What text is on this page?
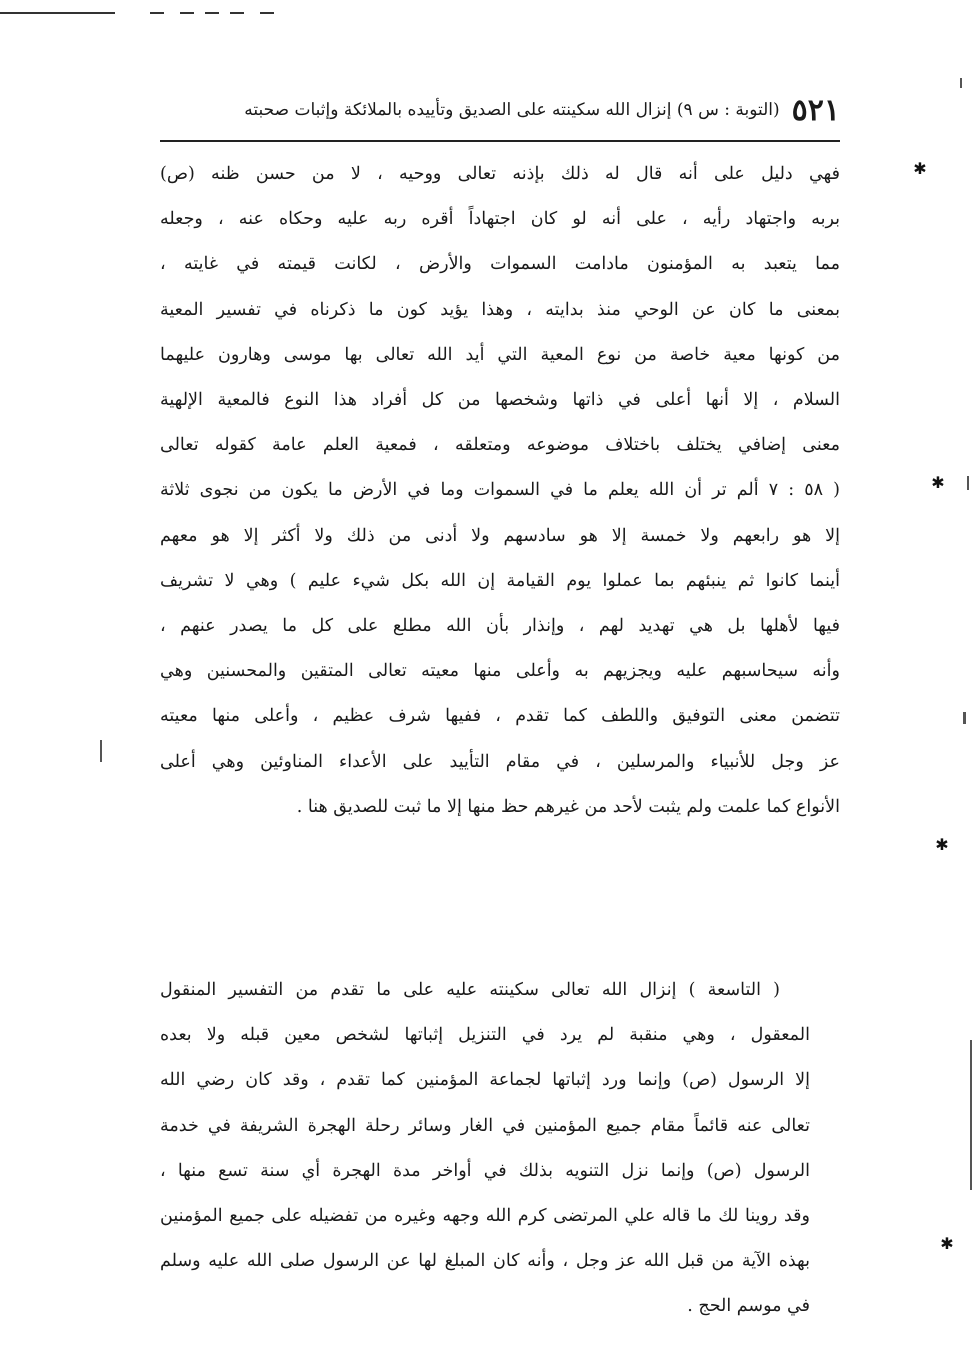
٥٢١
(التوبة : س ٩) إنزال الله سكينته على الصديق وتأييده بالملائكة وإثبات صحبته
فهي دليل على أنه قال له ذلك بإذنه تعالى ووحيه ، لا من حسن ظنه (ص)
بربه واجتهاد رأيه ، على أنه لو كان اجتهاداً أقره ربه عليه وحكاه عنه ، وجعله
مما يتعبد به المؤمنون مادامت السموات والأرض ، لكانت قيمته في غايته ،
بمعنى ما كان عن الوحي منذ بدايته ، وهذا يؤيد كون ما ذكرناه في تفسير المعية
من كونها معية خاصة من نوع المعية التي أيد الله تعالى بها موسى وهارون عليهما
السلام ، إلا أنها أعلى في ذاتها وشخصها من كل أفراد هذا النوع فالمعية الإلهية
معنى إضافي يختلف باختلاف موضوعه ومتعلقه ، فمعية العلم عامة كقوله تعالى
( ٥٨ : ٧ ألم تر أن الله يعلم ما في السموات وما في الأرض ما يكون من نجوى ثلاثة
إلا هو رابعهم ولا خمسة إلا هو سادسهم ولا أدنى من ذلك ولا أكثر إلا هو معهم
أينما كانوا ثم ينبئهم بما عملوا يوم القيامة إن الله بكل شيء عليم ) وهي لا تشريف
فيها لأهلها بل هي تهديد لهم ، وإنذار بأن الله مطلع على كل ما يصدر عنهم ،
وأنه سيحاسبهم عليه ويجزيهم به وأعلى منها معيته تعالى المتقين والمحسنين وهي
تتضمن معنى التوفيق واللطف كما تقدم ، ففيها شرف عظيم ، وأعلى منها معيته
عز وجل للأنبياء والمرسلين ، في مقام التأييد على الأعداء المناوئين وهي أعلى
الأنواع كما علمت ولم يثبت لأحد من غيرهم حظ منها إلا ما ثبت للصديق هنا .
( التاسعة ) إنزال الله تعالى سكينته عليه على ما تقدم من التفسير المنقول
المعقول ، وهي منقبة لم يرد في التنزيل إثباتها لشخص معين قبله ولا بعده
إلا الرسول (ص) وإنما ورد إثباتها لجماعة المؤمنين كما تقدم ، وقد كان رضي الله
تعالى عنه قائماً مقام جميع المؤمنين في الغار وسائر رحلة الهجرة الشريفة في خدمة
الرسول (ص) وإنما نزل التنويه بذلك في أواخر مدة الهجرة أي سنة تسع منها ،
وقد روينا لك ما قاله علي المرتضى كرم الله وجهه وغيره من تفضيله على جميع المؤمنين
بهذه الآية من قبل الله عز وجل ، وأنه كان المبلغ لها عن الرسول صلى الله عليه وسلم
في موسم الحج .
✱
✱
✱
✱
